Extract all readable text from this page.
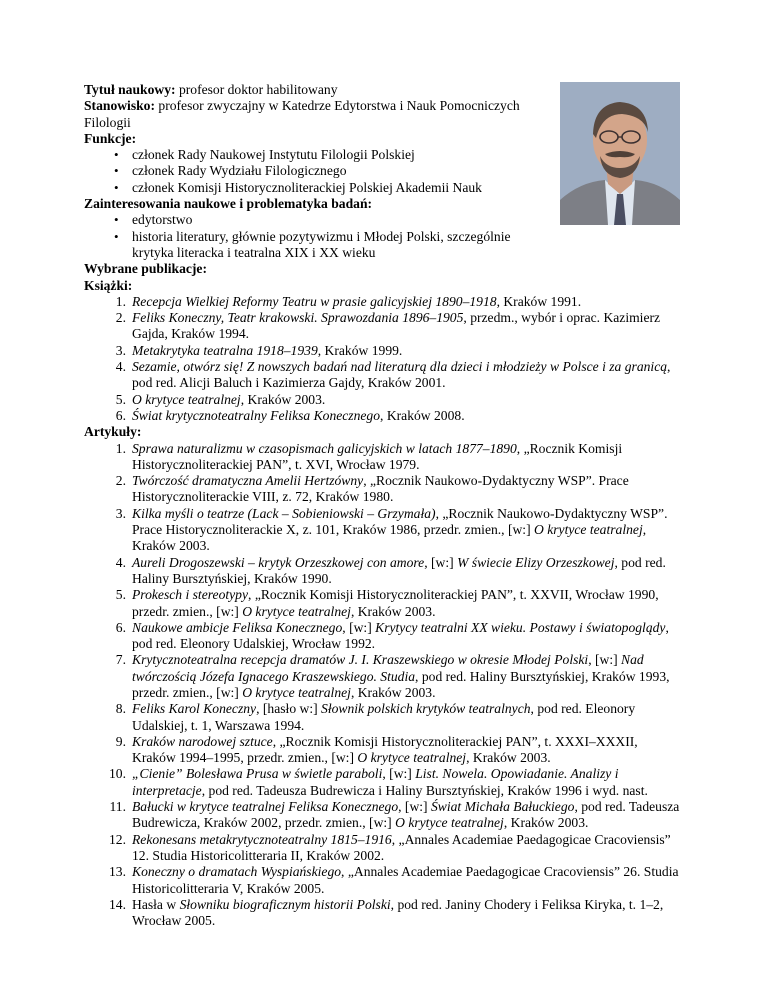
Tytuł naukowy: profesor doktor habilitowany

Stanowisko: profesor zwyczajny w Katedrze Edytorstwa i Nauk Pomocniczych Filologii

Funkcje:

• członek Rady Naukowej Instytutu Filologii Polskiej
• członek Rady Wydziału Filologicznego
• członek Komisji Historycznoliterackiej Polskiej Akademii Nauk

Zainteresowania naukowe i problematyka badań:

• edytorstwo
• historia literatury, głównie pozytywizmu i Młodej Polski, szczególnie krytyka literacka i teatralna XIX i XX wieku

Wybrane publikacje:

Książki:

1. Recepcja Wielkiej Reformy Teatru w prasie galicyjskiej 1890–1918, Kraków 1991.
2. Feliks Koneczny, Teatr krakowski. Sprawozdania 1896–1905, przedm., wybór i oprac. Kazimierz Gajda, Kraków 1994.
3. Metakrytyka teatralna 1918–1939, Kraków 1999.
4. Sezamie, otwórz się! Z nowszych badań nad literaturą dla dzieci i młodzieży w Polsce i za granicą, pod red. Alicji Baluch i Kazimierza Gajdy, Kraków 2001.
5. O krytyce teatralnej, Kraków 2003.
6. Świat krytycznoteatralny Feliksa Konecznego, Kraków 2008.

Artykuły:

1. Sprawa naturalizmu w czasopismach galicyjskich w latach 1877–1890, „Rocznik Komisji Historycznoliterackiej PAN”, t. XVI, Wrocław 1979.
2. Twórczość dramatyczna Amelii Hertzówny, „Rocznik Naukowo-Dydaktyczny WSP”. Prace Historycznoliterackie VIII, z. 72, Kraków 1980.
3. Kilka myśli o teatrze (Lack – Sobieniowski – Grzymała), „Rocznik Naukowo-Dydaktyczny WSP”. Prace Historycznoliterackie X, z. 101, Kraków 1986, przedr. zmien., [w:] O krytyce teatralnej, Kraków 2003.
4. Aureli Drogoszewski – krytyk Orzeszkowej con amore, [w:] W świecie Elizy Orzeszkowej, pod red. Haliny Bursztyńskiej, Kraków 1990.
5. Prokesch i stereotypy, „Rocznik Komisji Historycznoliterackiej PAN”, t. XXVII, Wrocław 1990, przedr. zmien., [w:] O krytyce teatralnej, Kraków 2003.
6. Naukowe ambicje Feliksa Konecznego, [w:] Krytycy teatralni XX wieku. Postawy i światopoglądy, pod red. Eleonory Udalskiej, Wrocław 1992.
7. Krytycznoteatralna recepcja dramatów J. I. Kraszewskiego w okresie Młodej Polski, [w:] Nad twórczością Józefa Ignacego Kraszewskiego. Studia, pod red. Haliny Bursztyńskiej, Kraków 1993, przedr. zmien., [w:] O krytyce teatralnej, Kraków 2003.
8. Feliks Karol Koneczny, [hasło w:] Słownik polskich krytyków teatralnych, pod red. Eleonory Udalskiej, t. 1, Warszawa 1994.
9. Kraków narodowej sztuce, „Rocznik Komisji Historycznoliterackiej PAN”, t. XXXI–XXXII, Kraków 1994–1995, przedr. zmien., [w:] O krytyce teatralnej, Kraków 2003.
10. „Cienie” Bolesława Prusa w świetle paraboli, [w:] List. Nowela. Opowiadanie. Analizy i interpretacje, pod red. Tadeusza Budrewicza i Haliny Bursztyńskiej, Kraków 1996 i wyd. nast.
11. Bałucki w krytyce teatralnej Feliksa Konecznego, [w:] Świat Michała Bałuckiego, pod red. Tadeusza Budrewicza, Kraków 2002, przedr. zmien., [w:] O krytyce teatralnej, Kraków 2003.
12. Rekonesans metakrytycznoteatralny 1815–1916, „Annales Academiae Paedagogicae Cracoviensis” 12. Studia Historicolitteraria II, Kraków 2002.
13. Koneczny o dramatach Wyspiańskiego, „Annales Academiae Paedagogicae Cracoviensis” 26. Studia Historicolitteraria V, Kraków 2005.
14. Hasła w Słowniku biograficznym historii Polski, pod red. Janiny Chodery i Feliksa Kiryka, t. 1–2, Wrocław 2005.
